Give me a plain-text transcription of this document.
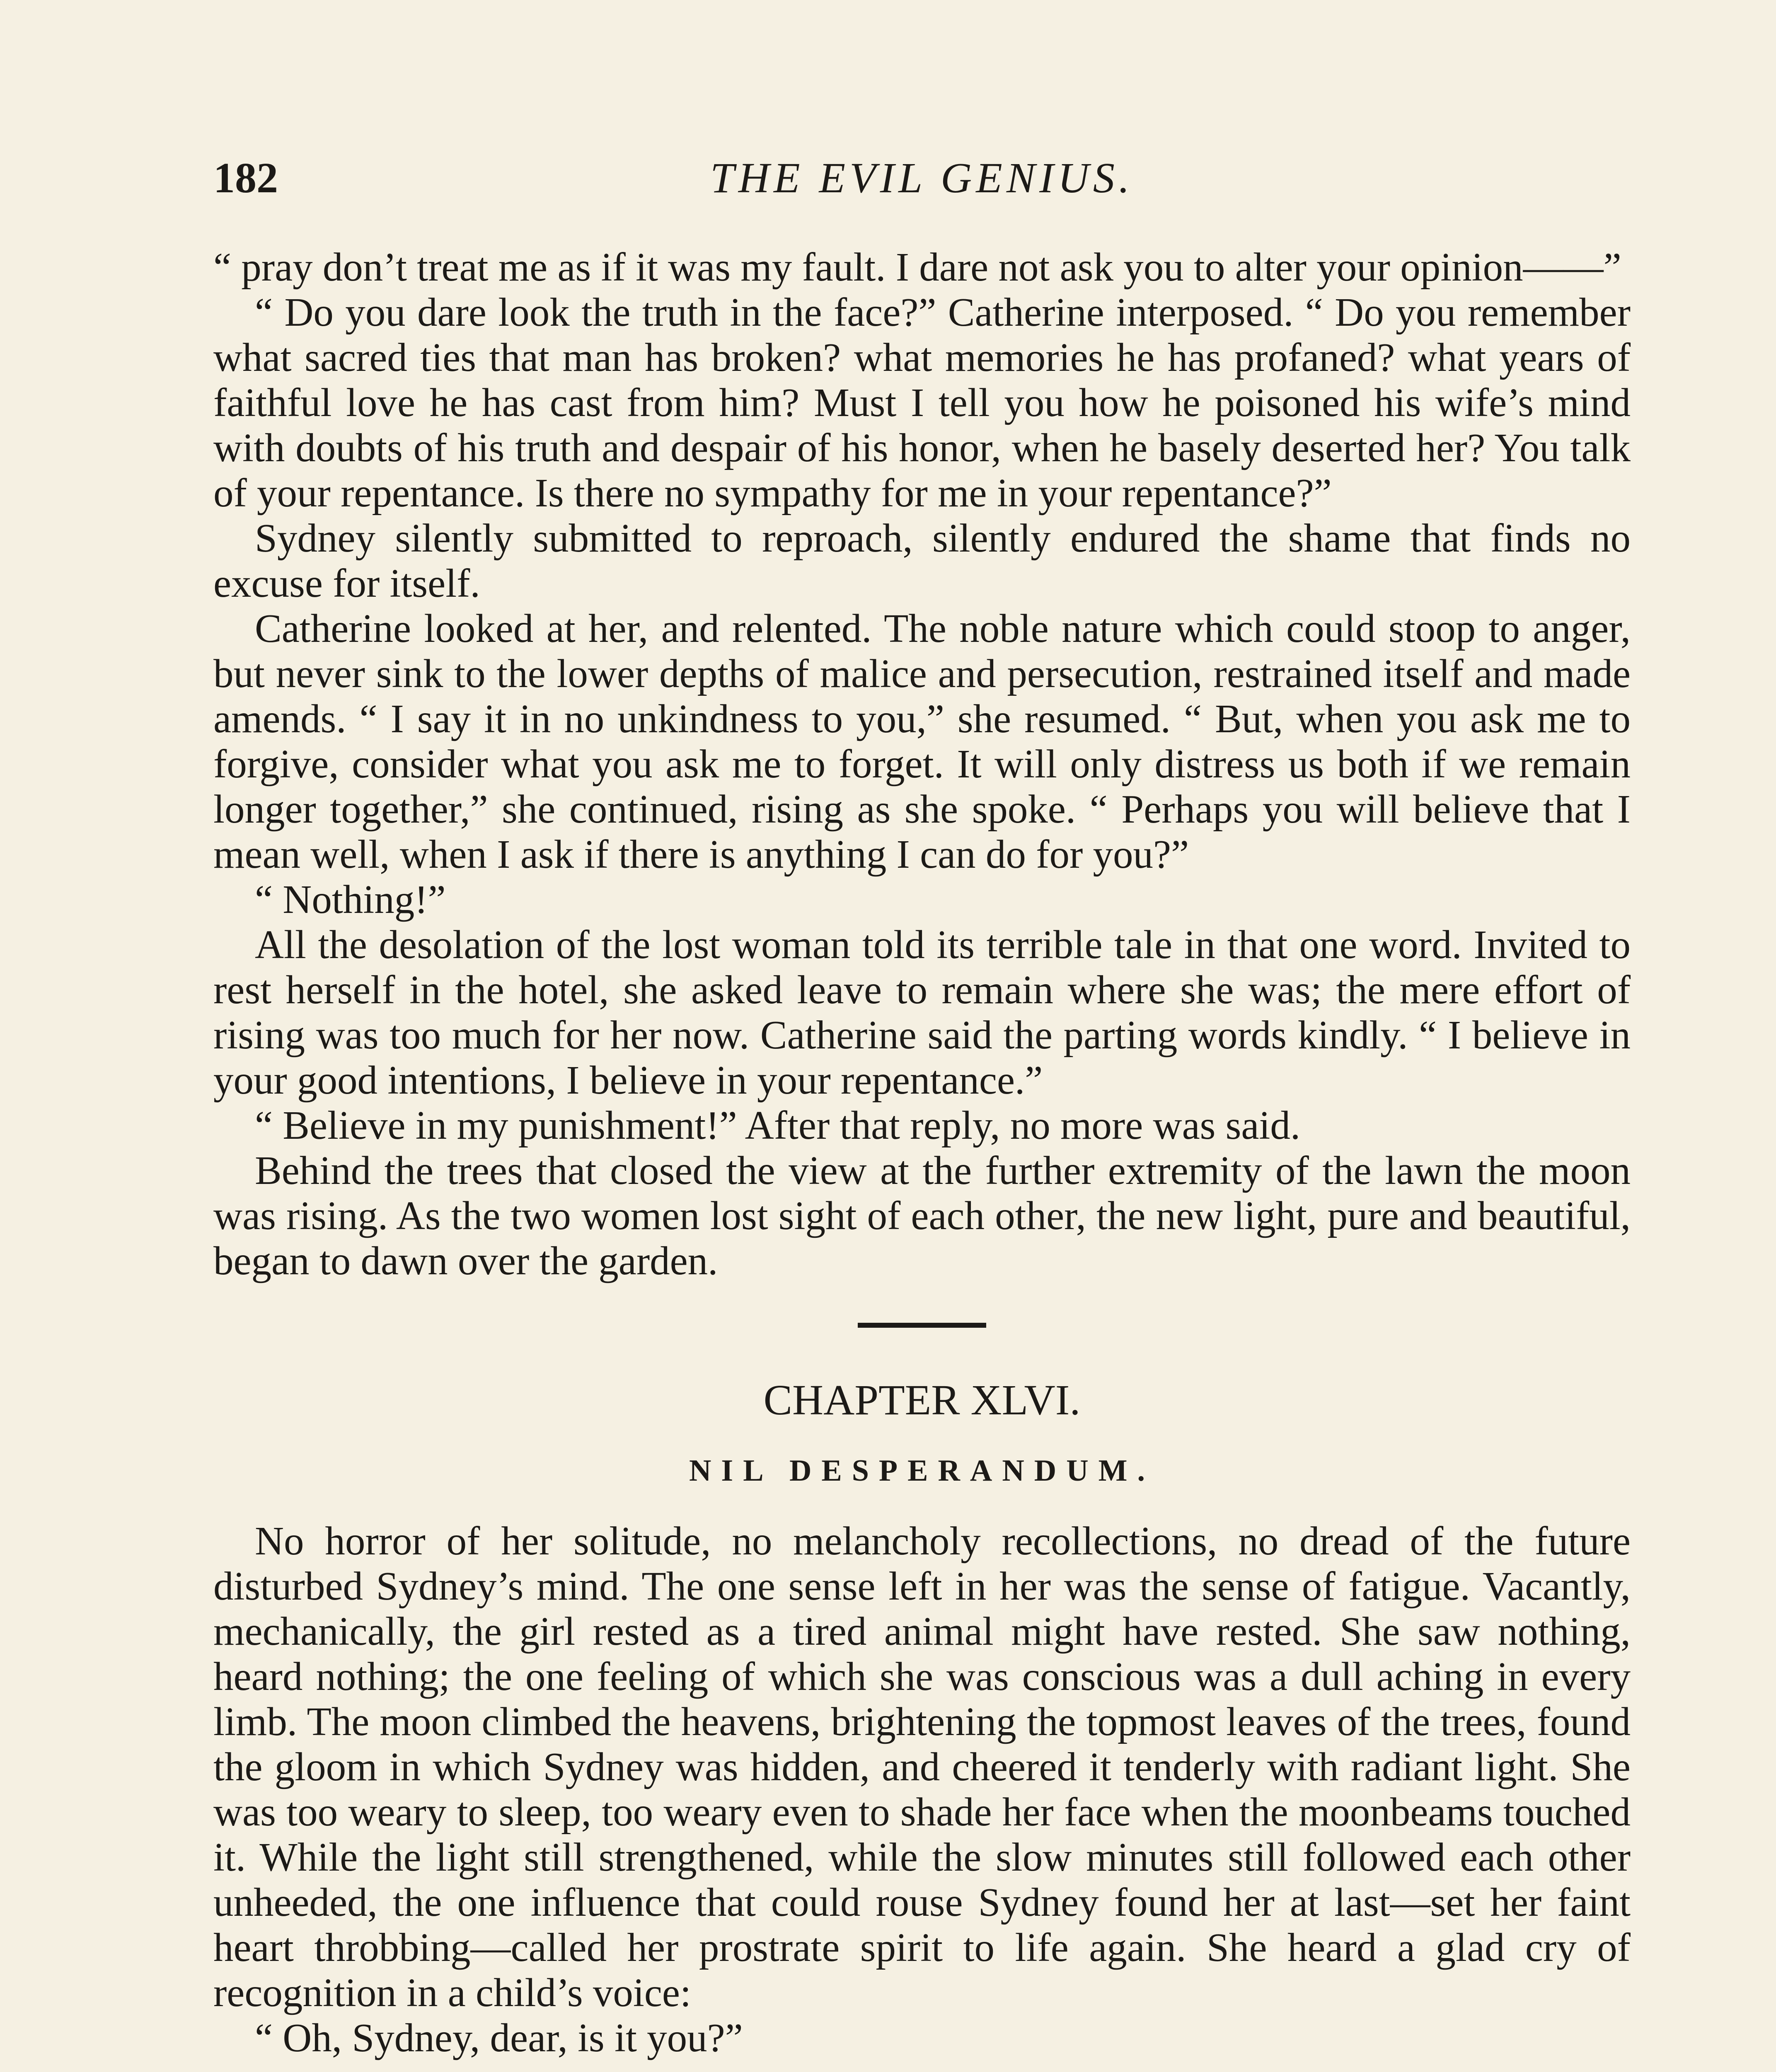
182	THE EVIL GENIUS.

“ pray don’t treat me as if it was my fault. I dare not ask you to alter your opinion——”

“ Do you dare look the truth in the face?” Catherine interposed. “ Do you remember what sacred ties that man has broken? what memories he has profaned? what years of faithful love he has cast from him? Must I tell you how he poisoned his wife’s mind with doubts of his truth and despair of his honor, when he basely deserted her? You talk of your repentance. Is there no sympathy for me in your repentance?”

Sydney silently submitted to reproach, silently endured the shame that finds no excuse for itself.

Catherine looked at her, and relented. The noble nature which could stoop to anger, but never sink to the lower depths of malice and persecution, restrained itself and made amends. “ I say it in no unkindness to you,” she resumed. “ But, when you ask me to forgive, consider what you ask me to forget. It will only distress us both if we remain longer together,” she continued, rising as she spoke. “ Perhaps you will believe that I mean well, when I ask if there is anything I can do for you?”

“ Nothing!”

All the desolation of the lost woman told its terrible tale in that one word. Invited to rest herself in the hotel, she asked leave to remain where she was; the mere effort of rising was too much for her now. Catherine said the parting words kindly. “ I believe in your good intentions, I believe in your repentance.”

“ Believe in my punishment!” After that reply, no more was said.

Behind the trees that closed the view at the further extremity of the lawn the moon was rising. As the two women lost sight of each other, the new light, pure and beautiful, began to dawn over the garden.

CHAPTER XLVI.
NIL DESPERANDUM.

No horror of her solitude, no melancholy recollections, no dread of the future disturbed Sydney’s mind. The one sense left in her was the sense of fatigue. Vacantly, mechanically, the girl rested as a tired animal might have rested. She saw nothing, heard nothing; the one feeling of which she was conscious was a dull aching in every limb. The moon climbed the heavens, brightening the topmost leaves of the trees, found the gloom in which Sydney was hidden, and cheered it tenderly with radiant light. She was too weary to sleep, too weary even to shade her face when the moonbeams touched it. While the light still strengthened, while the slow minutes still followed each other unheeded, the one influence that could rouse Sydney found her at last—set her faint heart throbbing—called her prostrate spirit to life again. She heard a glad cry of recognition in a child’s voice:

“ Oh, Sydney, dear, is it you?”
